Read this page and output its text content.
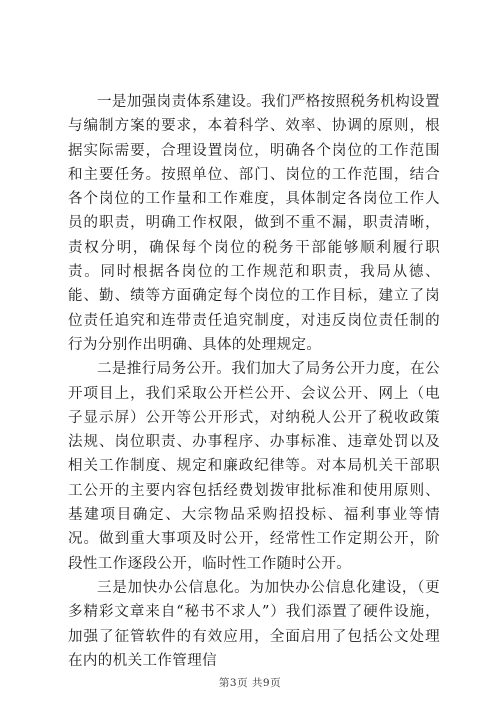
一是加强岗责体系建设。我们严格按照税务机构设置与编制方案的要求，本着科学、效率、协调的原则，根据实际需要，合理设置岗位，明确各个岗位的工作范围和主要任务。按照单位、部门、岗位的工作范围，结合各个岗位的工作量和工作难度，具体制定各岗位工作人员的职责，明确工作权限，做到不重不漏，职责清晰，责权分明，确保每个岗位的税务干部能够顺利履行职责。同时根据各岗位的工作规范和职责，我局从德、能、勤、绩等方面确定每个岗位的工作目标，建立了岗位责任追究和连带责任追究制度，对违反岗位责任制的行为分别作出明确、具体的处理规定。

二是推行局务公开。我们加大了局务公开力度，在公开项目上，我们采取公开栏公开、会议公开、网上（电子显示屏）公开等公开形式，对纳税人公开了税收政策法规、岗位职责、办事程序、办事标准、违章处罚以及相关工作制度、规定和廉政纪律等。对本局机关干部职工公开的主要内容包括经费划拨审批标准和使用原则、基建项目确定、大宗物品采购招投标、福利事业等情况。做到重大事项及时公开，经常性工作定期公开，阶段性工作逐段公开，临时性工作随时公开。

三是加快办公信息化。为加快办公信息化建设，（更多精彩文章来自“秘书不求人”）我们添置了硬件设施，加强了征管软件的有效应用，全面启用了包括公文处理在内的机关工作管理信

第3页 共9页
